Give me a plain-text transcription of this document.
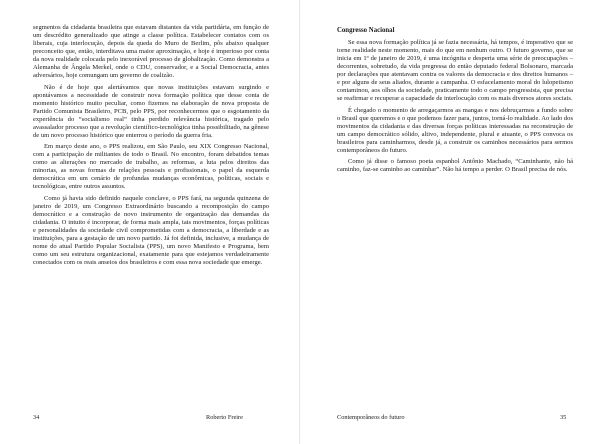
segmentos da cidadania brasileira que estavam distantes da vida partidária, em função de um descrédito generalizado que atinge a classe política. Estabelecer contatos com os liberais, cuja interlocução, depois da queda do Muro de Berlim, pôs abaixo qualquer preconceito que, então, interditava uma maior aproximação, e hoje é imperioso por conta da nova realidade colocada pelo inexorável processo de globalização. Como demonstra a Alemanha de Ângela Merkel, onde o CDU, conservador, e a Social Democracia, antes adversários, hoje comungam um governo de coalizão.

Não é de hoje que alertávamos que novas instituições estavam surgindo e apontávamos a necessidade de construir nova formação política que desse conta de momento histórico muito peculiar, como fizemos na elaboração de nova proposta de Partido Comunista Brasileiro, PCB, pelo PPS, por reconhecermos que o esgotamento da experiência do “socialismo real” tinha perdido relevância histórica, tragado pelo avassalador processo que a revolução científico-tecnológica tinha possibilitado, na gênese de um novo processo histórico que enterrou o período da guerra fria.

Em março deste ano, o PPS realizou, em São Paulo, seu XIX Congresso Nacional, com a participação de militantes de todo o Brasil. No encontro, foram debatidos temas como as alterações no mercado de trabalho, as reformas, a luta pelos direitos das minorias, as novas formas de relações pessoais e profissionais, o papel da esquerda democrática em um cenário de profundas mudanças econômicas, políticas, sociais e tecnológicas, entre outros assuntos.

Como já havia sido definido naquele conclave, o PPS fará, na segunda quinzena de janeiro de 2019, um Congresso Extraordinário buscando a recomposição do campo democrático e a construção de novo instrumento de organização das demandas da cidadania. O intuito é incorporar, de forma mais ampla, tais movimentos, forças políticas e personalidades da sociedade civil comprometidas com a democracia, a liberdade e as instituições, para a gestação de um novo partido. Já foi definida, inclusive, a mudança de nome do atual Partido Popular Socialista (PPS), um novo Manifesto e Programa, bem como um seu estrutura organizacional, exatamente para que estejamos verdadeiramente conectados com os reais anseios dos brasileiros e com essa nova sociedade que emerge.

34	Roberto Freire
Congresso Nacional

Se essa nova formação política já se fazia necessária, há tempos, é imperativo que se torne realidade neste momento, mais do que em nenhum outro. O futuro governo, que se inicia em 1º de janeiro de 2019, é uma incógnita e desperta uma série de preocupações – decorrentes, sobretudo, da vida pregressa do então deputado federal Bolsonaro, marcada por declarações que atentavam contra os valores da democracia e dos direitos humanos – e por alguns de seus aliados, durante a campanha. O esfacelamento moral do lulopetismo contaminou, aos olhos da sociedade, praticamente todo o campo progressista, que precisa se reafirmar e recuperar a capacidade de interlocução com os mais diversos atores sociais.

É chegado o momento de arregaçarmos as mangas e nos debruçarmos a fundo sobre o Brasil que queremos e o que podemos fazer para, juntos, torná-lo realidade. Ao lado dos movimentos da cidadania e das diversas forças políticas interessadas na reconstrução de um campo democrático sólido, altivo, independente, plural e atuante, o PPS convoca os brasileiros para caminharmos, desde já, a construir os caminhos necessários para sermos contemporâneos do futuro.

Como já disse o famoso poeta espanhol Antônio Machado, “Caminhante, não há caminho, faz-se caminho ao caminhar”. Não há tempo a perder. O Brasil precisa de nós.

Contemporâneos do futuro	35
